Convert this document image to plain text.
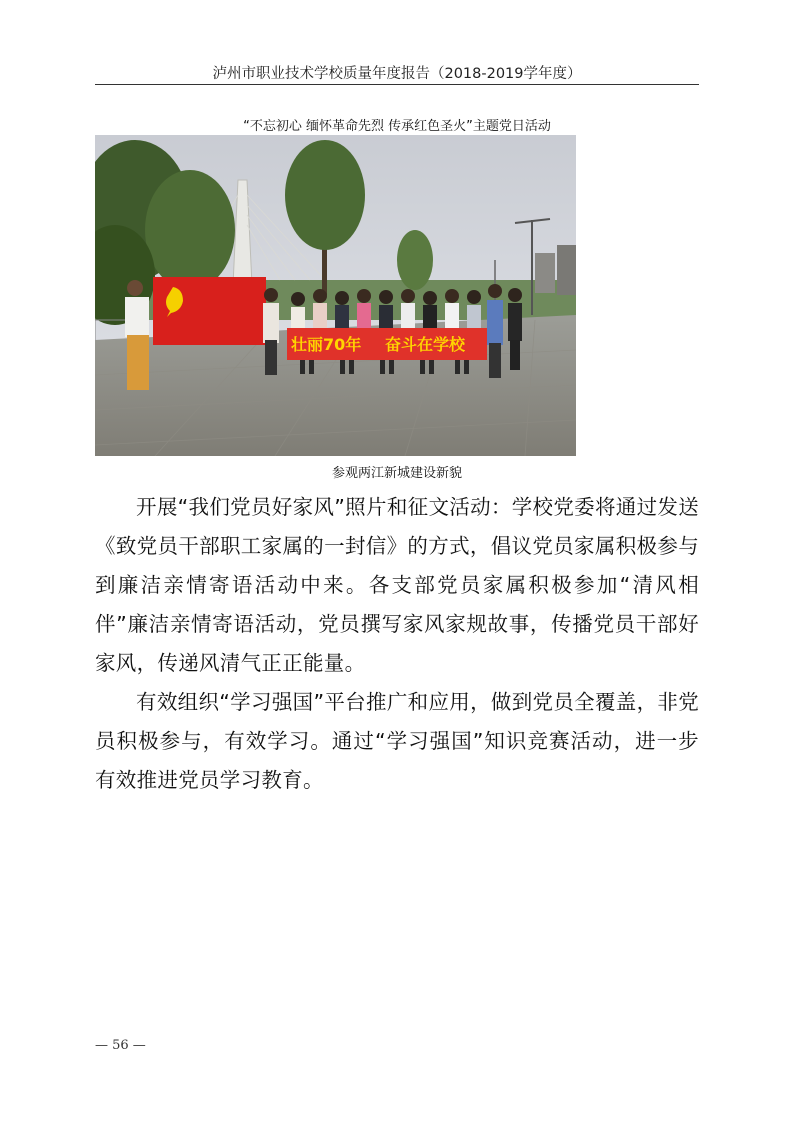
泸州市职业技术学校质量年度报告（2018-2019学年度）
“不忘初心 缅怀革命先烈 传承红色圣火”主题党日活动
壮丽70年 奋斗在学校
参观两江新城建设新貌

开展“我们党员好家风”照片和征文活动：学校党委将通过发送《致党员干部职工家属的一封信》的方式，倡议党员家属积极参与到廉洁亲情寄语活动中来。各支部党员家属积极参加“清风相伴”廉洁亲情寄语活动，党员撰写家风家规故事，传播党员干部好家风，传递风清气正正能量。

有效组织“学习强国”平台推广和应用，做到党员全覆盖，非党员积极参与，有效学习。通过“学习强国”知识竞赛活动，进一步有效推进党员学习教育。

— 56 —
